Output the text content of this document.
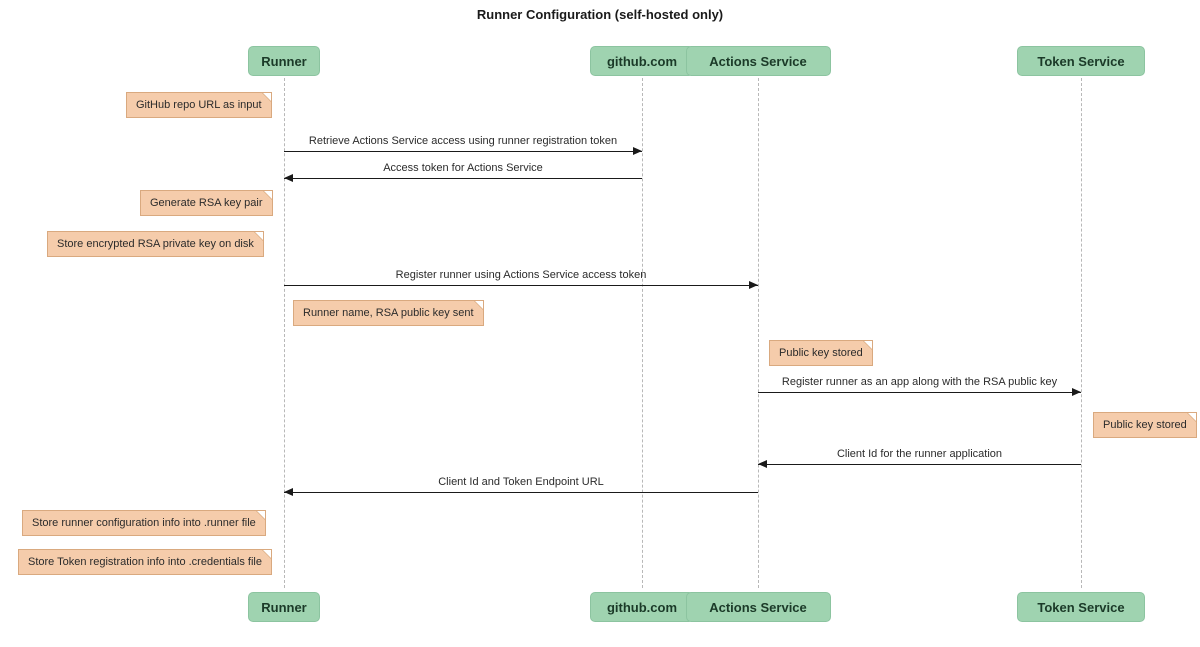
Runner Configuration (self-hosted only)
Runner
Runner
github.com
github.com
Actions Service
Actions Service
Token Service
Token Service
GitHub repo URL as input
Generate RSA key pair
Store encrypted RSA private key on disk
Runner name, RSA public key sent
Public key stored
Public key stored
Store runner configuration info into .runner file
Store Token registration info into .credentials file
Retrieve Actions Service access using runner registration token
Access token for Actions Service
Register runner using Actions Service access token
Register runner as an app along with the RSA public key
Client Id for the runner application
Client Id and Token Endpoint URL
